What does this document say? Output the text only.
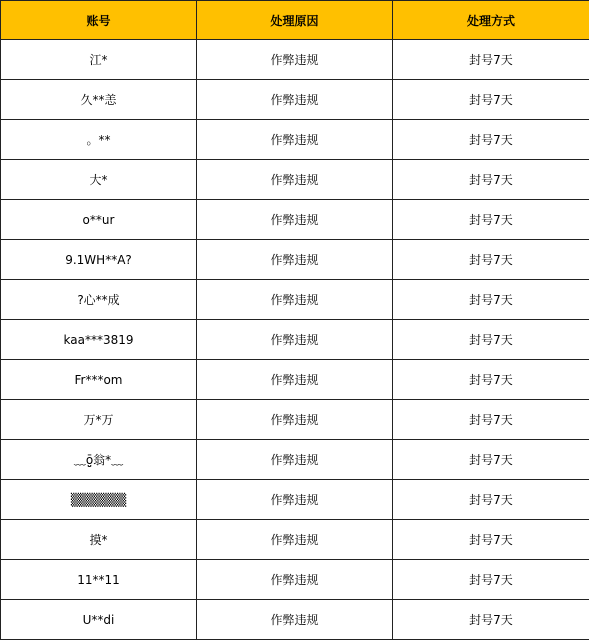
账号	处理原因	处理方式
江*	作弊违规	封号7天
久**恙	作弊违规	封号7天
。**	作弊违规	封号7天
大*	作弊违规	封号7天
o**ur	作弊违规	封号7天
9.1WH**A?	作弊违规	封号7天
?心**成	作弊违规	封号7天
kaa***3819	作弊违规	封号7天
Fr***om	作弊违规	封号7天
万*万	作弊违规	封号7天
﹏ō̤̮翁*﹏	作弊违规	封号7天
▒▒▒▒▒▒	作弊违规	封号7天
摸*	作弊违规	封号7天
11**11	作弊违规	封号7天
U**di	作弊违规	封号7天
